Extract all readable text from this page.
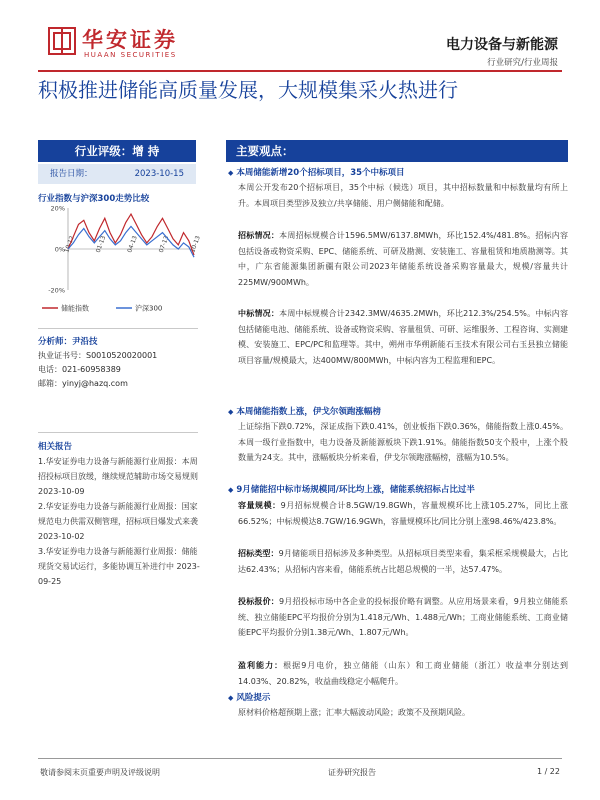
华安证券
HUAAN SECURITIES
电力设备与新能源
行业研究/行业周报
积极推进储能高质量发展，大规模集采火热进行
行业评级：增 持
报告日期：	2023-10-15
行业指数与沪深300走势比较
20%
0%
-20%
10-12	01-13	04-13	07-13	10-13
储能指数	沪深300
分析师：尹沿技
执业证书号：S0010520020001
电话：021-60958389
邮箱：yinyj@hazq.com
相关报告

1.华安证券电力设备与新能源行业周报：本周招投标项目放缓，继续规范辅助市场交易规则 2023-10-09

2.华安证券电力设备与新能源行业周报：国家规范电力供需双侧管理，招标项目爆发式来袭 2023-10-02

3.华安证券电力设备与新能源行业周报：储能现货交易试运行，多能协调互补进行中 2023-09-25

主要观点：
◆ 本周储能新增20个招标项目，35个中标项目
本周公开发布20个招标项目，35个中标（候选）项目，其中招标数量和中标数量均有所上升。本周项目类型涉及独立/共享储能、用户侧储能和配储。
招标情况：本周招标规模合计1596.5MW/6137.8MWh，环比152.4%/481.8%。招标内容包括设备或物资采购、EPC、储能系统、可研及勘测、安装施工、容量租赁和地质勘测等。其中，广东省能源集团新疆有限公司2023年储能系统设备采购容量最大，规模/容量共计225MW/900MWh。
中标情况：本周中标规模合计2342.3MW/4635.2MWh，环比212.3%/254.5%。中标内容包括储能电池、储能系统、设备或物资采购、容量租赁、可研、运维服务、工程咨询、实测建模、安装施工、EPC/PC和监理等。其中，朔州市华朔新能石玉技术有限公司右玉县独立储能项目容量/规模最大，达400MW/800MWh，中标内容为工程监理和EPC。
◆ 本周储能指数上涨，伊戈尔领跑涨幅榜
上证综指下跌0.72%，深证成指下跌0.41%，创业板指下跌0.36%，储能指数上涨0.45%。本周一级行业指数中，电力设备及新能源板块下跌1.91%。储能指数50支个股中，上涨个股数量为24支。其中，涨幅板块分析来看，伊戈尔领跑涨幅榜，涨幅为10.5%。
◆ 9月储能招中标市场规模同/环比均上涨，储能系统招标占比过半
容量规模：9月招标规模合计8.5GW/19.8GWh，容量规模环比上涨105.27%，同比上涨66.52%；中标规模达8.7GW/16.9GWh，容量规模环比/同比分别上涨98.46%/423.8%。
招标类型：9月储能项目招标涉及多种类型。从招标项目类型来看，集采框采规模最大，占比达62.43%；从招标内容来看，储能系统占比超总规模的一半，达57.47%。
投标报价：9月招投标市场中各企业的投标报价略有调整。从应用场景来看，9月独立储能系统、独立储能EPC平均报价分别为1.418元/Wh、1.488元/Wh；工商业储能系统、工商业储能EPC平均报价分别1.38元/Wh、1.807元/Wh。
盈利能力：根据9月电价，独立储能（山东）和工商业储能（浙江）收益率分别达到14.03%、20.82%，收益曲线稳定小幅爬升。
◆ 风险提示
原材料价格超预期上涨；汇率大幅波动风险；政策不及预期风险。
敬请参阅末页重要声明及评级说明	证券研究报告	1 / 22
